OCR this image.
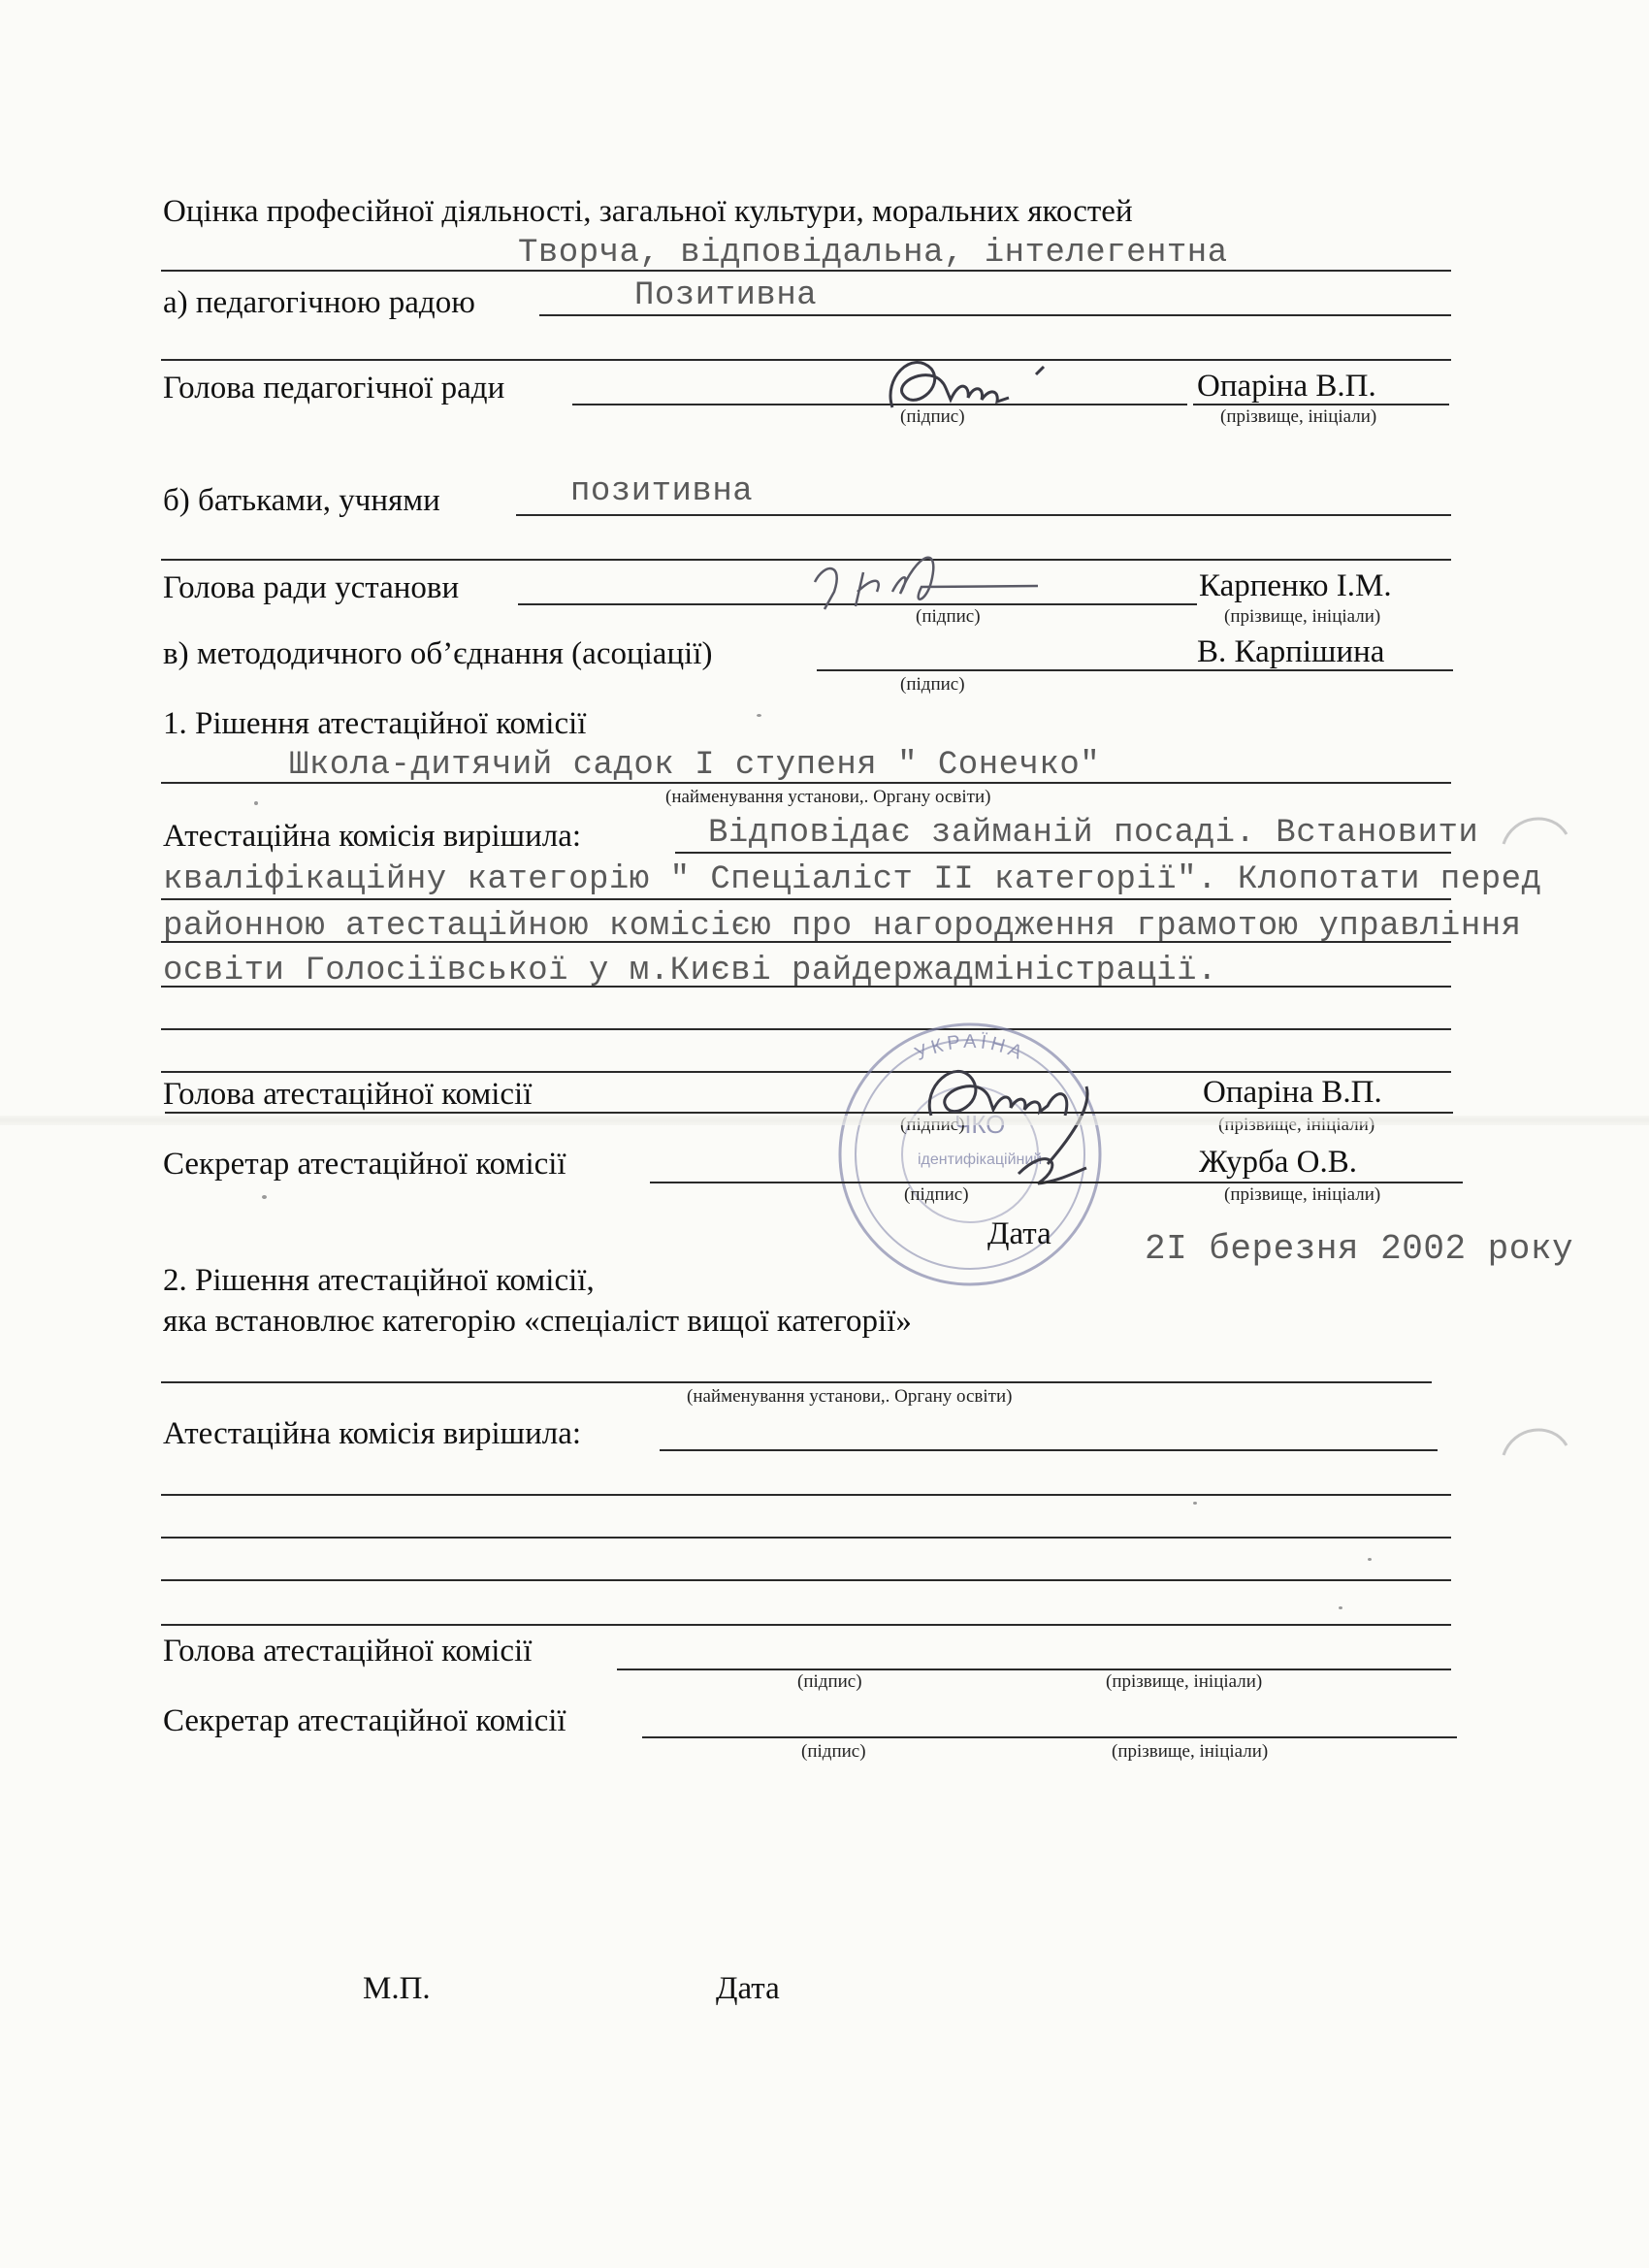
Оцінка професійної діяльності, загальної культури, моральних якостей
Творча, відповідальна, інтелегентна
а) педагогічною радою	Позитивна
Голова педагогічної ради	Опаріна В.П.
(підпис)	(прізвище, ініціали)
б) батьками, учнями	позитивна
Голова ради установи	Карпенко І.М.
(підпис)	(прізвище, ініціали)
в) метододичного об’єднання (асоціації)	В. Карпішина
(підпис)
1. Рішення атестаційної комісії
Школа-дитячий садок І ступеня " Сонечко"
(найменування установи,. Органу освіти)
Атестаційна комісія вирішила:	Відповідає займаній посаді. Встановити
кваліфікаційну категорію " Спеціаліст ІІ категорії". Клопотати перед
районною атестаційною комісією про нагородження грамотою управління
освіти Голосіївської у м.Києві райдержадміністрації.
УКРАЇНА
ідентифікаційний
Голова атестаційної комісії	Опаріна В.П.
Секретар атестаційної комісії	Журба О.В.
(підпис)	(прізвище, ініціали)
Дата	2І березня 2002 року
2. Рішення атестаційної комісії,
яка встановлює категорію «спеціаліст вищої категорії»
(найменування установи,. Органу освіти)
Атестаційна комісія вирішила:
Голова атестаційної комісії
(підпис)	(прізвище, ініціали)
Секретар атестаційної комісії
(підпис)	(прізвище, ініціали)
М.П.	Дата
